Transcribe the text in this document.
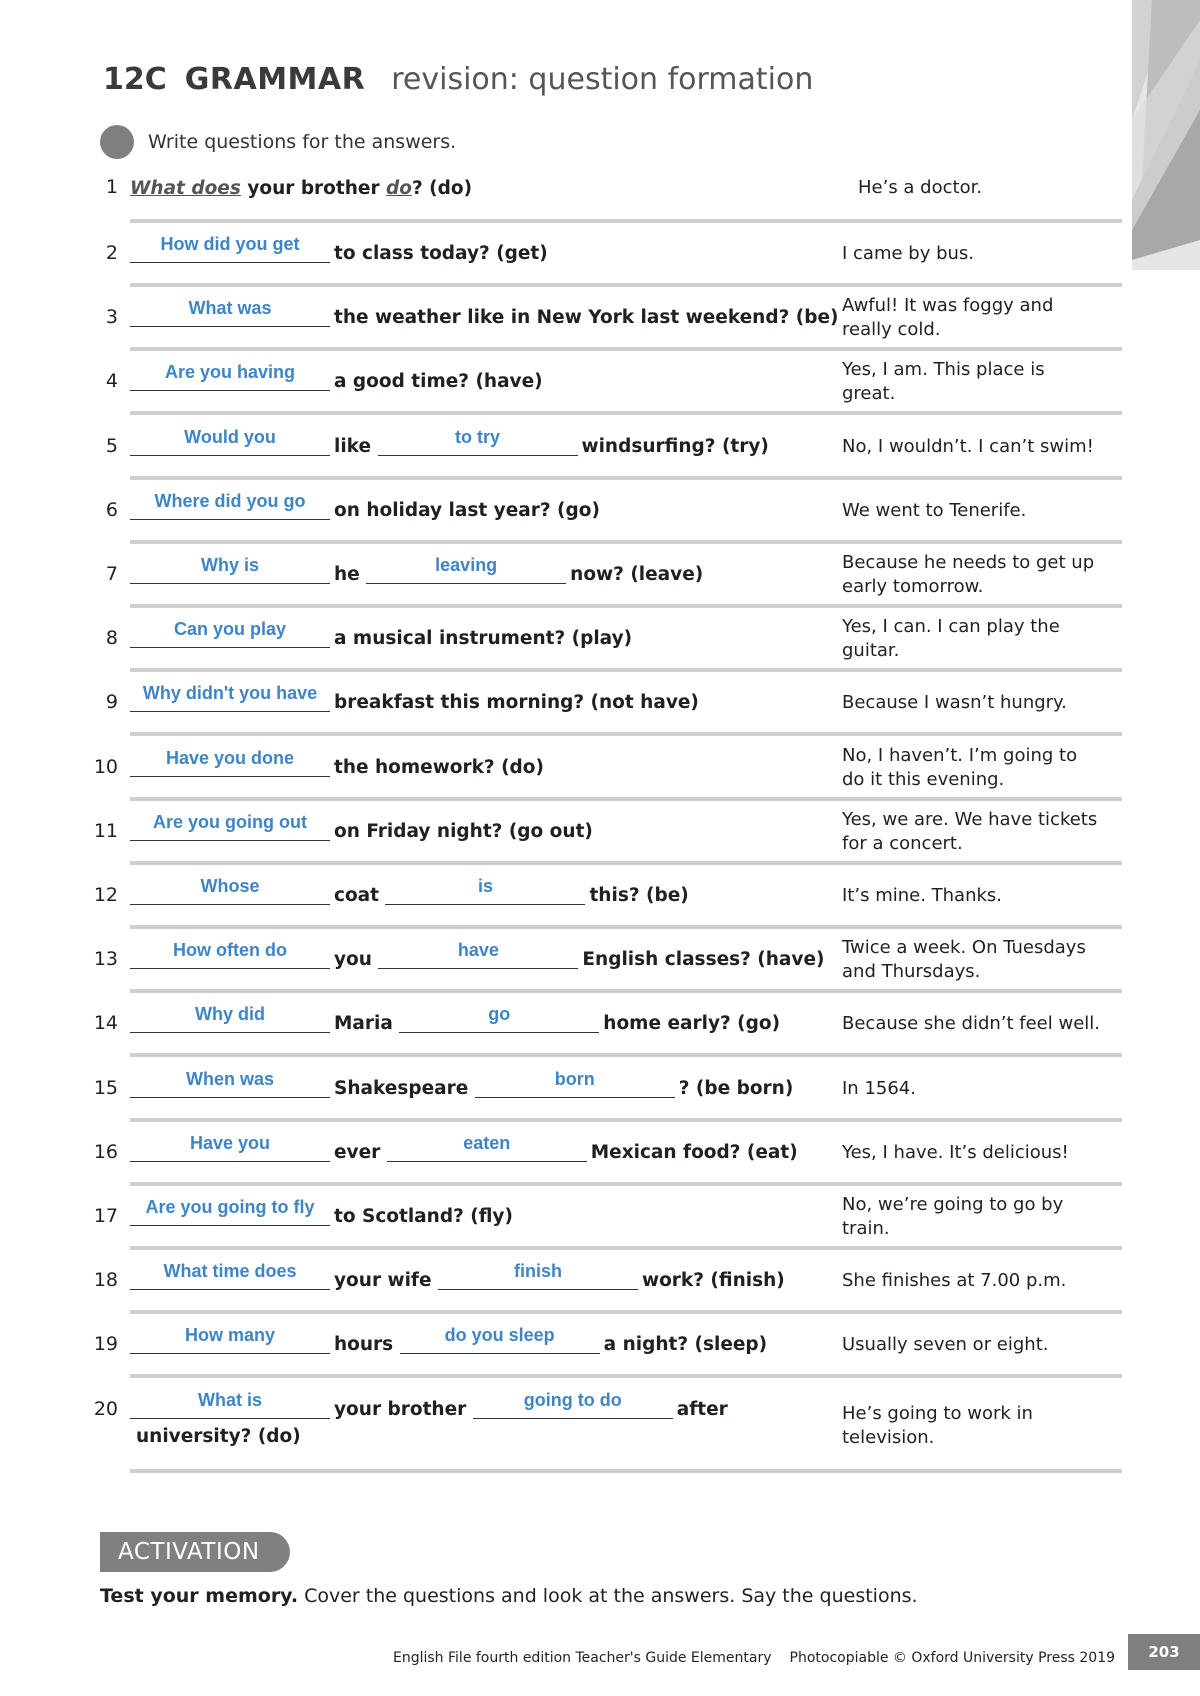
12C GRAMMAR revision: question formation
Write questions for the answers.
1 What does your brother do? (do)	He’s a doctor.
2	How did you get to class today? (get)	I came by bus.
3	What was	the weather like in New York last weekend? (be)
Awful! It was foggy and really cold.
4	Are you having a good time? (have)
Yes, I am. This place is great.
5	Would you	like	to try	windsurfing? (try)	No, I wouldn’t. I can’t swim!
6	Where did you go on holiday last year? (go)	We went to Tenerife.
7	Why is	he	leaving	now? (leave)
Because he needs to get up early tomorrow.
8	Can you play	a musical instrument? (play)
Yes, I can. I can play the guitar.
9	Why didn't you have breakfast this morning? (not have)	Because I wasn’t hungry.
10	Have you done the homework? (do)
No, I haven’t. I’m going to do it this evening.
11	Are you going out on Friday night? (go out)
Yes, we are. We have tickets for a concert.
12	Whose	coat	is	this? (be)	It’s mine. Thanks.
13	How often do	you	have	English classes? (have)
Twice a week. On Tuesdays and Thursdays.
14	Why did	Maria	go	home early? (go)	Because she didn’t feel well.
15	When was	Shakespeare	born	? (be born)	In 1564.
16	Have you	ever	eaten	Mexican food? (eat)	Yes, I have. It’s delicious!
17	Are you going to fly to Scotland? (fly)
No, we’re going to go by train.
18	What time does your wife	finish	work? (finish)	She finishes at 7.00 p.m.
19	How many	hours	do you sleep	a night? (sleep)	Usually seven or eight.
20	What is	your brother	going to do	after
university? (do)
He’s going to work in television.
ACTIVATION
Test your memory. Cover the questions and look at the answers. Say the questions.
English File fourth edition Teacher's Guide Elementary Photocopiable © Oxford University Press 2019	203
